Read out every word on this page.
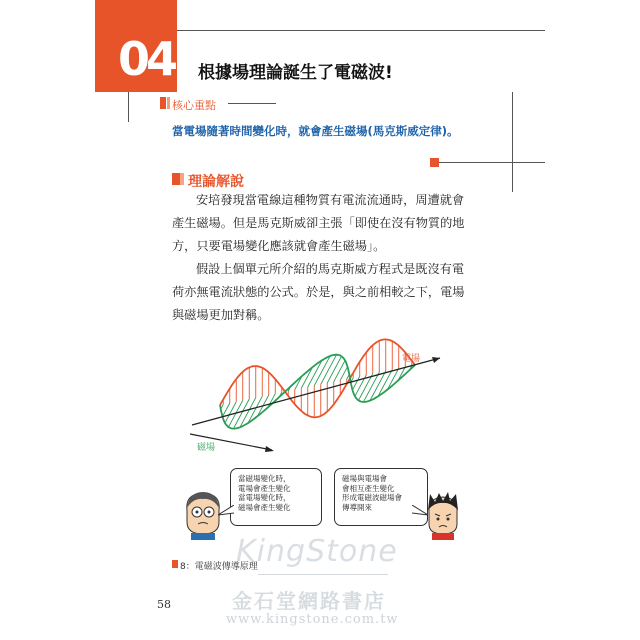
04 根據場理論誕生了電磁波!
核心重點
當電場隨著時間變化時，就會產生磁場(馬克斯威定律)。
理論解說
安培發現當電線這種物質有電流流通時，周遭就會產生磁場。但是馬克斯威卻主張「即使在沒有物質的地方，只要電場變化應該就會產生磁場」。
假設上個單元所介紹的馬克斯威方程式是既沒有電荷亦無電流狀態的公式。於是，與之前相較之下，電場與磁場更加對稱。
電場
磁場
當磁場變化時，
電場會產生變化
當電場變化時，
磁場會產生變化
磁場與電場會
會相互產生變化
形成電磁波磁場會
傳導開來
8：電磁波傳導原理
58
KingStone
金石堂網路書店
www.kingstone.com.tw
